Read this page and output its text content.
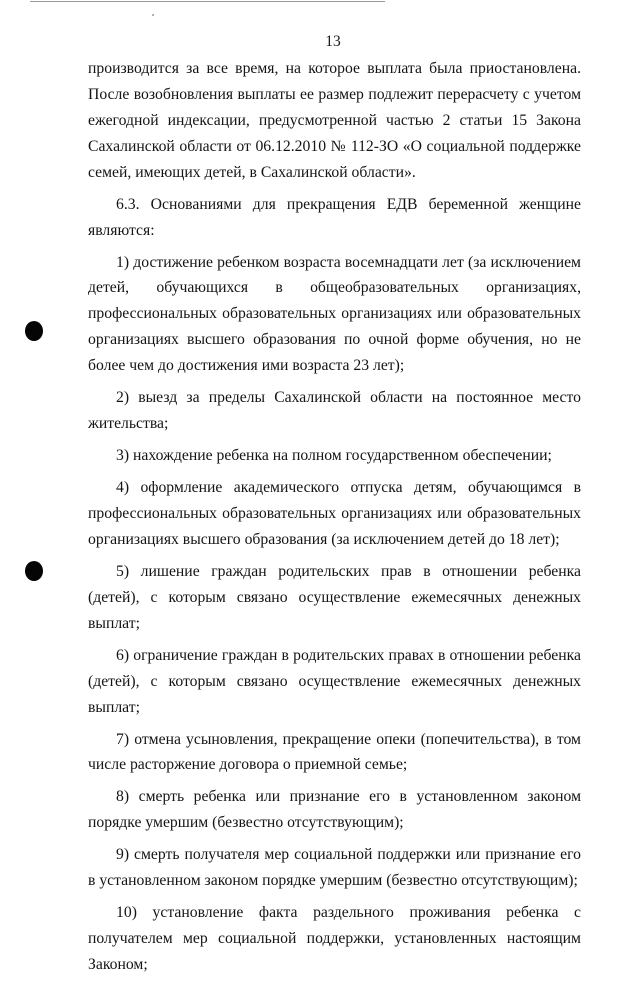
13

производится за все время, на которое выплата была приостановлена. После возобновления выплаты ее размер подлежит перерасчету с учетом ежегодной индексации, предусмотренной частью 2 статьи 15 Закона Сахалинской области от 06.12.2010 № 112-ЗО «О социальной поддержке семей, имеющих детей, в Сахалинской области».

6.3. Основаниями для прекращения ЕДВ беременной женщине являются:

1) достижение ребенком возраста восемнадцати лет (за исключением детей, обучающихся в общеобразовательных организациях, профессиональных образовательных организациях или образовательных организациях высшего образования по очной форме обучения, но не более чем до достижения ими возраста 23 лет);

2) выезд за пределы Сахалинской области на постоянное место жительства;

3) нахождение ребенка на полном государственном обеспечении;

4) оформление академического отпуска детям, обучающимся в профессиональных образовательных организациях или образовательных организациях высшего образования (за исключением детей до 18 лет);

5) лишение граждан родительских прав в отношении ребенка (детей), с которым связано осуществление ежемесячных денежных выплат;

6) ограничение граждан в родительских правах в отношении ребенка (детей), с которым связано осуществление ежемесячных денежных выплат;

7) отмена усыновления, прекращение опеки (попечительства), в том числе расторжение договора о приемной семье;

8) смерть ребенка или признание его в установленном законом порядке умершим (безвестно отсутствующим);

9) смерть получателя мер социальной поддержки или признание его в установленном законом порядке умершим (безвестно отсутствующим);

10) установление факта раздельного проживания ребенка с получателем мер социальной поддержки, установленных настоящим Законом;
